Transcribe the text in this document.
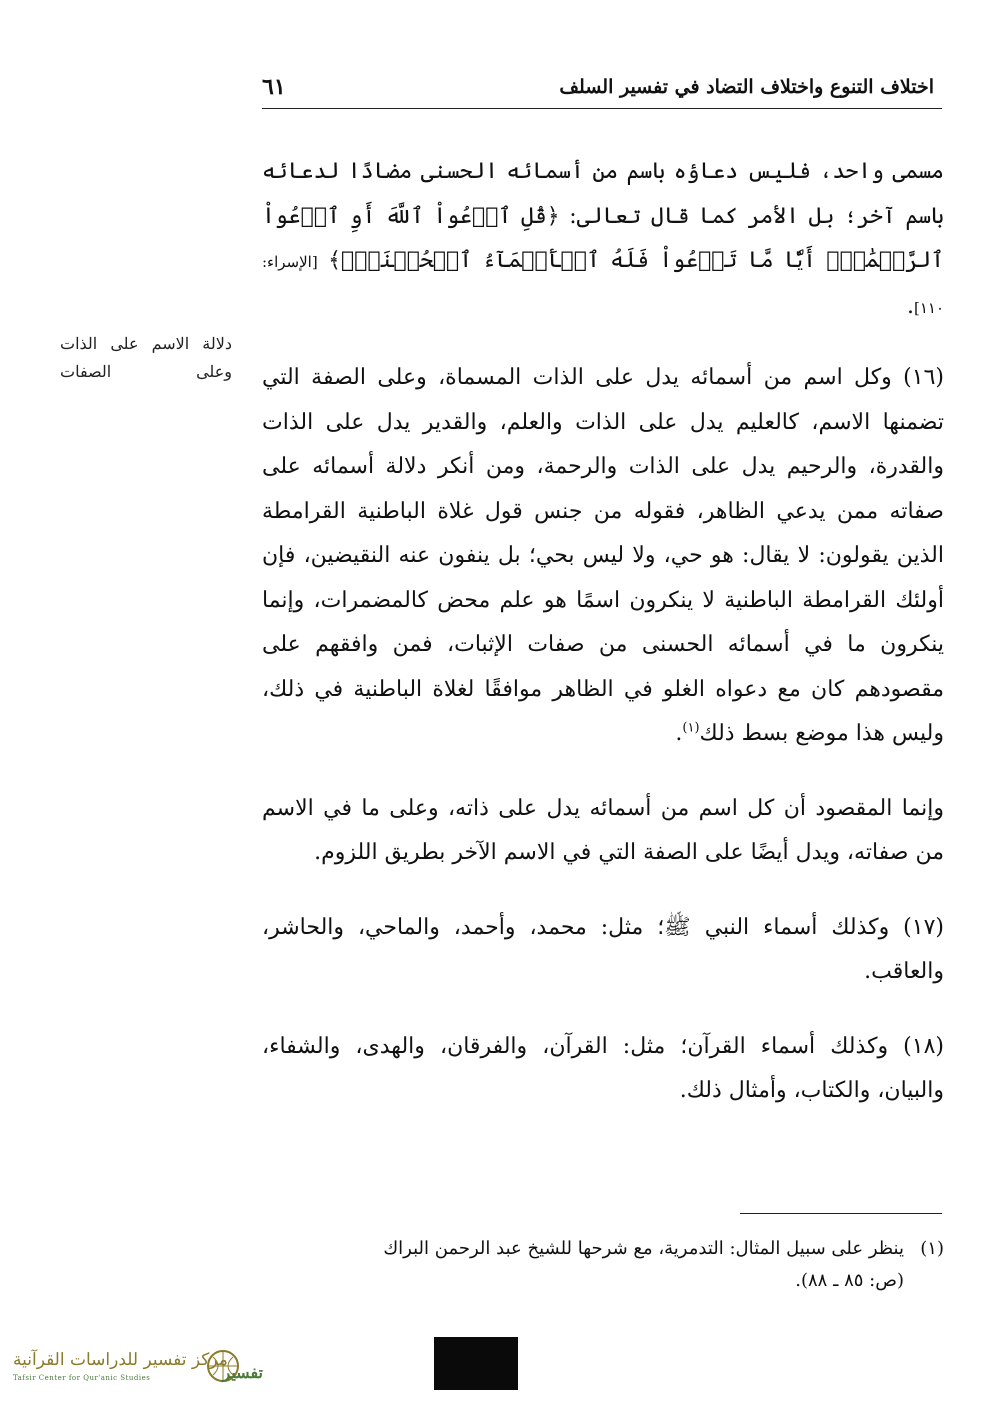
اختلاف التنوع واختلاف التضاد في تفسير السلف
٦١
دلالة الاسم على الذات وعلى الصفات

مسمى واحد، فليس دعاؤه باسم من أسمائه الحسنى مضادًا لدعائه باسم آخر؛ بل الأمر كما قال تعالى: ﴿قُلِ ٱدۡعُواْ ٱللَّهَ أَوِ ٱدۡعُواْ ٱلرَّحۡمَٰنَۖ أَيّٗا مَّا تَدۡعُواْ فَلَهُ ٱلۡأَسۡمَآءُ ٱلۡحُسۡنَىٰۚ﴾ [الإسراء: ١١٠].

(١٦) وكل اسم من أسمائه يدل على الذات المسماة، وعلى الصفة التي تضمنها الاسم، كالعليم يدل على الذات والعلم، والقدير يدل على الذات والقدرة، والرحيم يدل على الذات والرحمة، ومن أنكر دلالة أسمائه على صفاته ممن يدعي الظاهر، فقوله من جنس قول غلاة الباطنية القرامطة الذين يقولون: لا يقال: هو حي، ولا ليس بحي؛ بل ينفون عنه النقيضين، فإن أولئك القرامطة الباطنية لا ينكرون اسمًا هو علم محض كالمضمرات، وإنما ينكرون ما في أسمائه الحسنى من صفات الإثبات، فمن وافقهم على مقصودهم كان مع دعواه الغلو في الظاهر موافقًا لغلاة الباطنية في ذلك، وليس هذا موضع بسط ذلك$^{(١)}$.

وإنما المقصود أن كل اسم من أسمائه يدل على ذاته، وعلى ما في الاسم من صفاته، ويدل أيضًا على الصفة التي في الاسم الآخر بطريق اللزوم.

(١٧) وكذلك أسماء النبي ﷺ؛ مثل: محمد، وأحمد، والماحي، والحاشر، والعاقب.

(١٨) وكذلك أسماء القرآن؛ مثل: القرآن، والفرقان، والهدى، والشفاء، والبيان، والكتاب، وأمثال ذلك.

(١)ينظر على سبيل المثال: التدمرية، مع شرحها للشيخ عبد الرحمن البراك
(ص: ٨٥ ـ ٨٨).
مركز تفسير للدراسات القرآنية
Tafsir Center for Qur'anic Studies	تفسير
